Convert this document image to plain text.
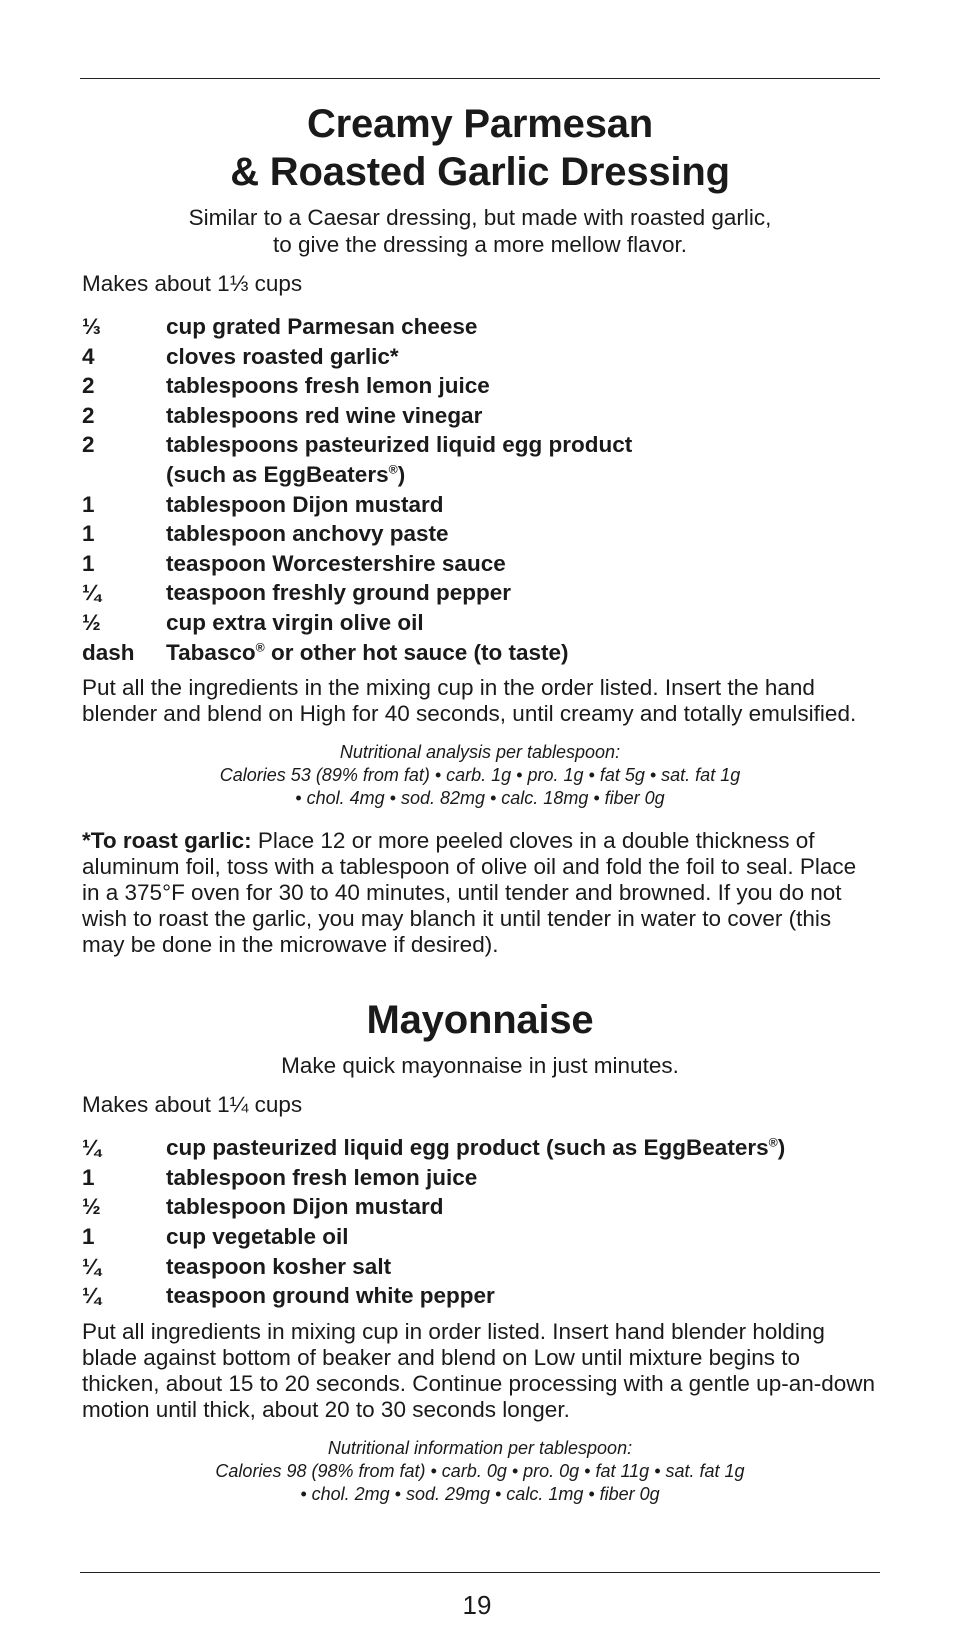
Creamy Parmesan
& Roasted Garlic Dressing
Similar to a Caesar dressing, but made with roasted garlic,
to give the dressing a more mellow flavor.

Makes about 1⅓ cups

⅓	cup grated Parmesan cheese
4	cloves roasted garlic*
2	tablespoons fresh lemon juice
2	tablespoons red wine vinegar
2	tablespoons pasteurized liquid egg product
(such as EggBeaters®)
1	tablespoon Dijon mustard
1	tablespoon anchovy paste
1	teaspoon Worcestershire sauce
¼	teaspoon freshly ground pepper
½	cup extra virgin olive oil
dash	Tabasco® or other hot sauce (to taste)

Put all the ingredients in the mixing cup in the order listed. Insert the hand blender and blend on High for 40 seconds, until creamy and totally emulsified.

Nutritional analysis per tablespoon:
Calories 53 (89% from fat) • carb. 1g • pro. 1g • fat 5g • sat. fat 1g
• chol. 4mg • sod. 82mg • calc. 18mg • fiber 0g

*To roast garlic: Place 12 or more peeled cloves in a double thickness of aluminum foil, toss with a tablespoon of olive oil and fold the foil to seal. Place in a 375°F oven for 30 to 40 minutes, until tender and browned. If you do not wish to roast the garlic, you may blanch it until tender in water to cover (this may be done in the microwave if desired).

Mayonnaise
Make quick mayonnaise in just minutes.

Makes about 1¼ cups

¼	cup pasteurized liquid egg product (such as EggBeaters®)
1	tablespoon fresh lemon juice
½	tablespoon Dijon mustard
1	cup vegetable oil
¼	teaspoon kosher salt
¼	teaspoon ground white pepper

Put all ingredients in mixing cup in order listed. Insert hand blender holding blade against bottom of beaker and blend on Low until mixture begins to thicken, about 15 to 20 seconds. Continue processing with a gentle up-an-down motion until thick, about 20 to 30 seconds longer.

Nutritional information per tablespoon:
Calories 98 (98% from fat) • carb. 0g • pro. 0g • fat 11g • sat. fat 1g
• chol. 2mg • sod. 29mg • calc. 1mg • fiber 0g
19
